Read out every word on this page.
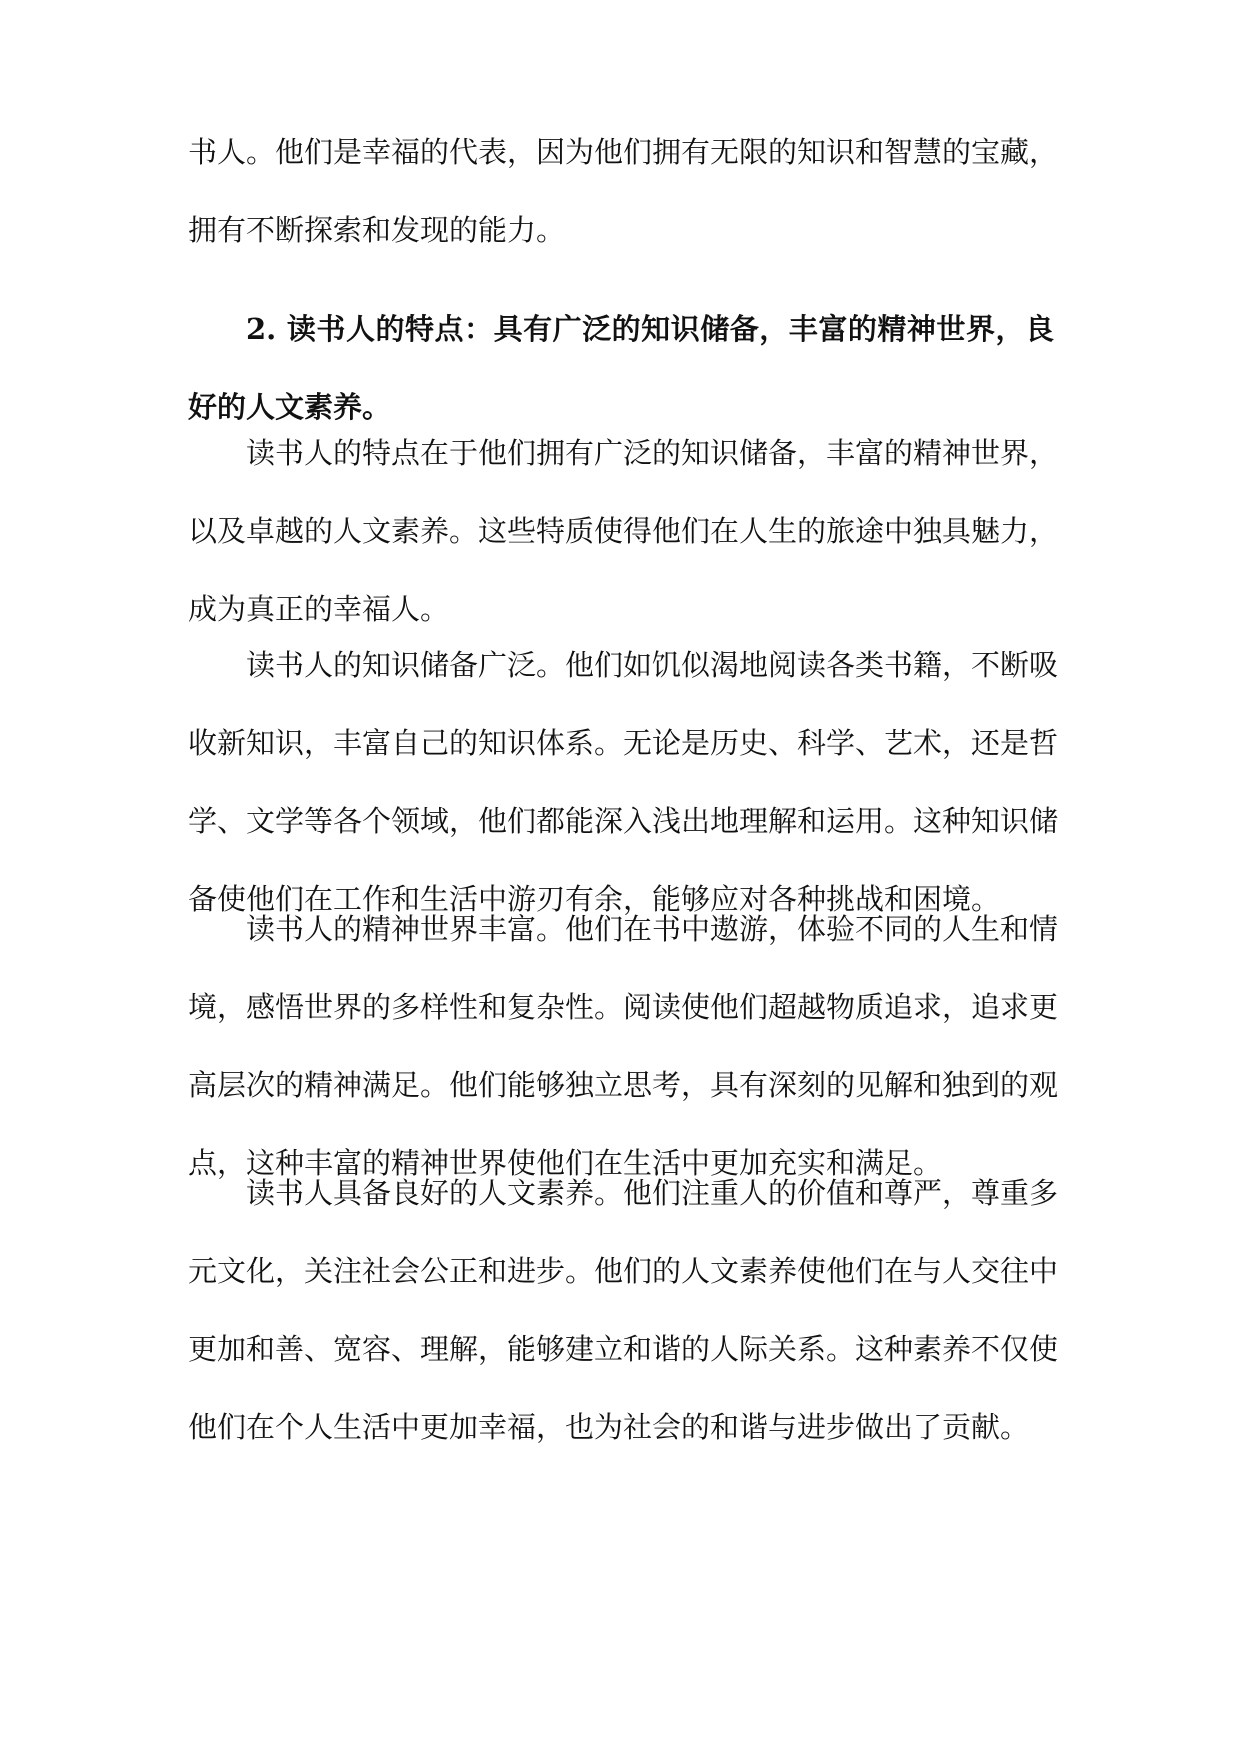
书人。他们是幸福的代表，因为他们拥有无限的知识和智慧的宝藏，
拥有不断探索和发现的能力。
2. 读书人的特点：具有广泛的知识储备，丰富的精神世界，良
好的人文素养。
读书人的特点在于他们拥有广泛的知识储备，丰富的精神世界，
以及卓越的人文素养。这些特质使得他们在人生的旅途中独具魅力，
成为真正的幸福人。
读书人的知识储备广泛。他们如饥似渴地阅读各类书籍，不断吸
收新知识，丰富自己的知识体系。无论是历史、科学、艺术，还是哲
学、文学等各个领域，他们都能深入浅出地理解和运用。这种知识储
备使他们在工作和生活中游刃有余，能够应对各种挑战和困境。
读书人的精神世界丰富。他们在书中遨游，体验不同的人生和情
境，感悟世界的多样性和复杂性。阅读使他们超越物质追求，追求更
高层次的精神满足。他们能够独立思考，具有深刻的见解和独到的观
点，这种丰富的精神世界使他们在生活中更加充实和满足。
读书人具备良好的人文素养。他们注重人的价值和尊严，尊重多
元文化，关注社会公正和进步。他们的人文素养使他们在与人交往中
更加和善、宽容、理解，能够建立和谐的人际关系。这种素养不仅使
他们在个人生活中更加幸福，也为社会的和谐与进步做出了贡献。
